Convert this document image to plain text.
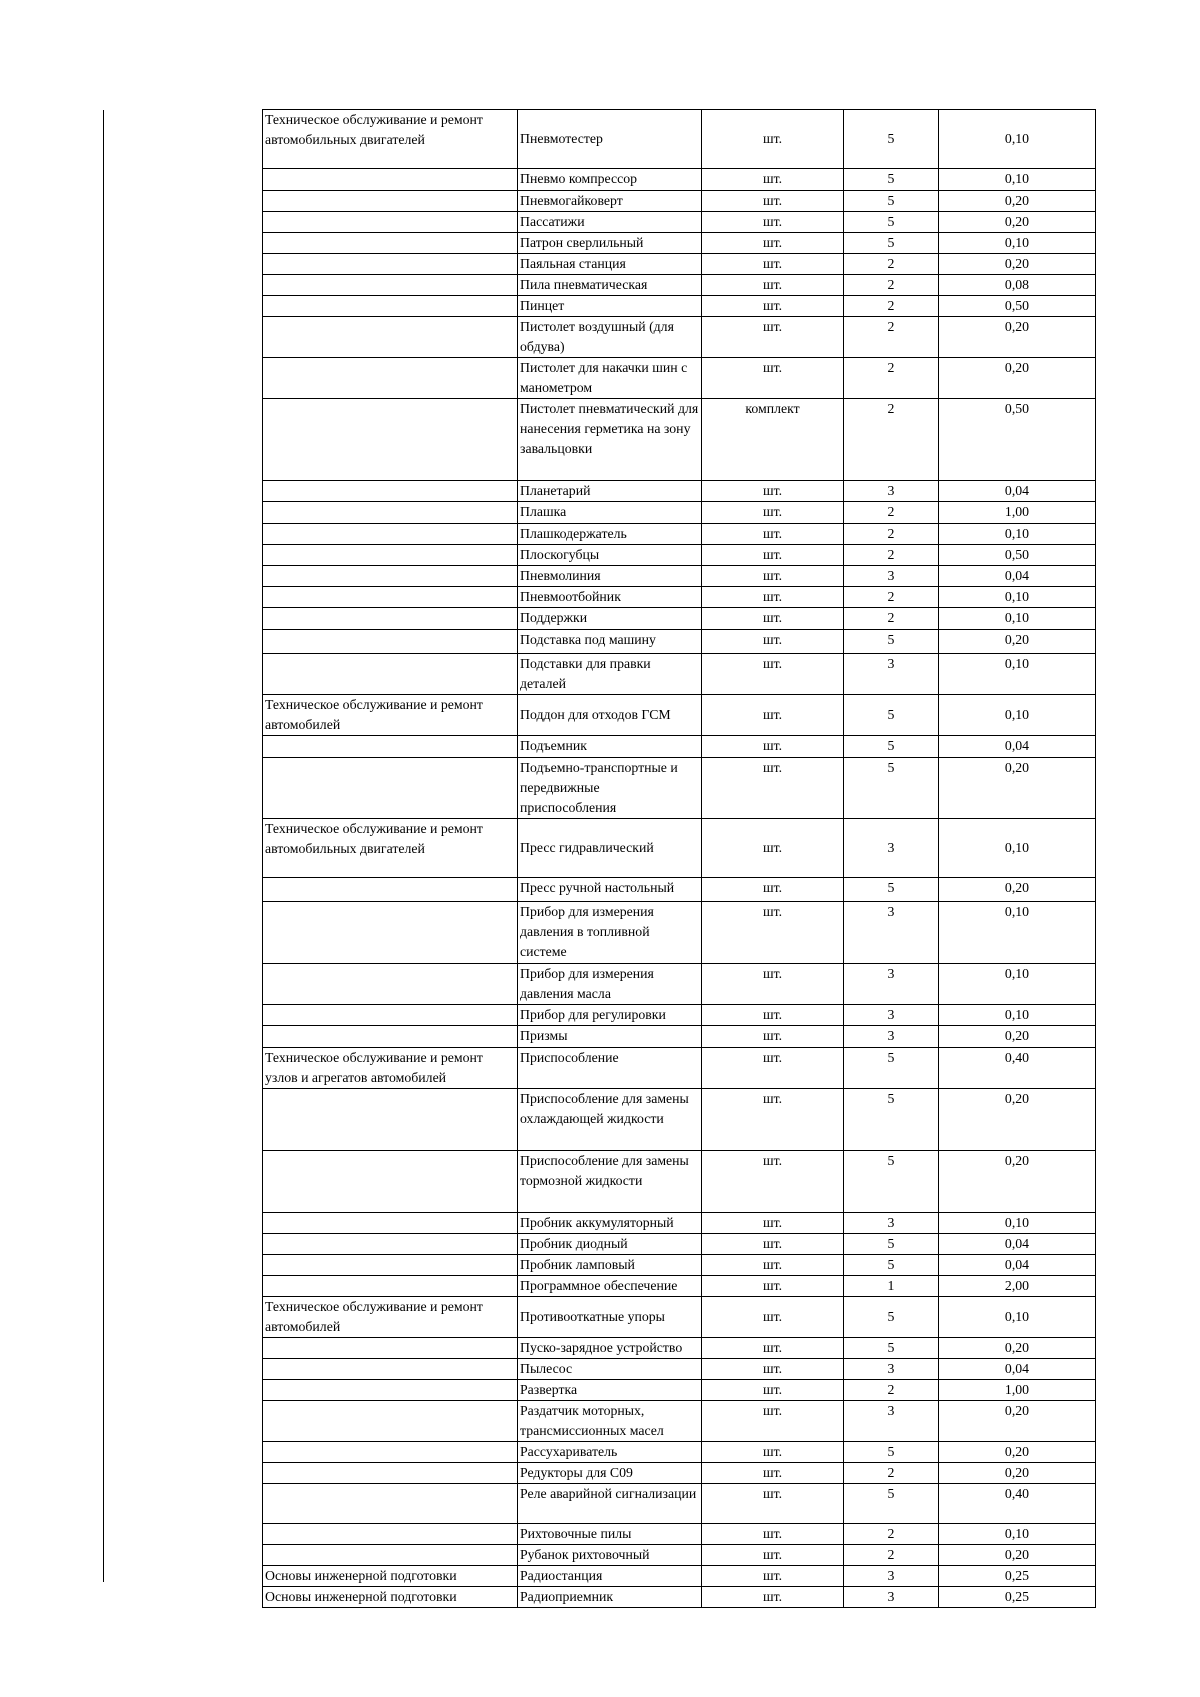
Техническое обслуживание и ремонт автомобильных двигателей	Пневмотестер	шт.	5	0,10
	Пневмо компрессор	шт.	5	0,10
	Пневмогайковерт	шт.	5	0,20
	Пассатижи	шт.	5	0,20
	Патрон сверлильный	шт.	5	0,10
	Паяльная станция	шт.	2	0,20
	Пила пневматическая	шт.	2	0,08
	Пинцет	шт.	2	0,50
	Пистолет воздушный (для обдува)	шт.	2	0,20
	Пистолет для накачки шин с манометром	шт.	2	0,20
	Пистолет пневматический для нанесения герметика на зону завальцовки	комплект	2	0,50
	Планетарий	шт.	3	0,04
	Плашка	шт.	2	1,00
	Плашкодержатель	шт.	2	0,10
	Плоскогубцы	шт.	2	0,50
	Пневмолиния	шт.	3	0,04
	Пневмоотбойник	шт.	2	0,10
	Поддержки	шт.	2	0,10
	Подставка под машину	шт.	5	0,20
	Подставки для правки деталей	шт.	3	0,10
Техническое обслуживание и ремонт автомобилей	Поддон для отходов ГСМ	шт.	5	0,10
	Подъемник	шт.	5	0,04
	Подъемно-транспортные и передвижные приспособления	шт.	5	0,20
Техническое обслуживание и ремонт автомобильных двигателей	Пресс гидравлический	шт.	3	0,10
	Пресс ручной настольный	шт.	5	0,20
	Прибор для измерения давления в топливной системе	шт.	3	0,10
	Прибор для измерения давления масла	шт.	3	0,10
	Прибор для регулировки	шт.	3	0,10
	Призмы	шт.	3	0,20
Техническое обслуживание и ремонт узлов и агрегатов автомобилей	Приспособление	шт.	5	0,40
	Приспособление для замены охлаждающей жидкости	шт.	5	0,20
	Приспособление для замены тормозной жидкости	шт.	5	0,20
	Пробник аккумуляторный	шт.	3	0,10
	Пробник диодный	шт.	5	0,04
	Пробник ламповый	шт.	5	0,04
	Программное обеспечение	шт.	1	2,00
Техническое обслуживание и ремонт автомобилей	Противооткатные упоры	шт.	5	0,10
	Пуско-зарядное устройство	шт.	5	0,20
	Пылесос	шт.	3	0,04
	Развертка	шт.	2	1,00
	Раздатчик моторных, трансмиссионных масел	шт.	3	0,20
	Рассухариватель	шт.	5	0,20
	Редукторы для С09	шт.	2	0,20
	Реле аварийной сигнализации	шт.	5	0,40
	Рихтовочные пилы	шт.	2	0,10
	Рубанок рихтовочный	шт.	2	0,20
Основы инженерной подготовки	Радиостанция	шт.	3	0,25
Основы инженерной подготовки	Радиоприемник	шт.	3	0,25
